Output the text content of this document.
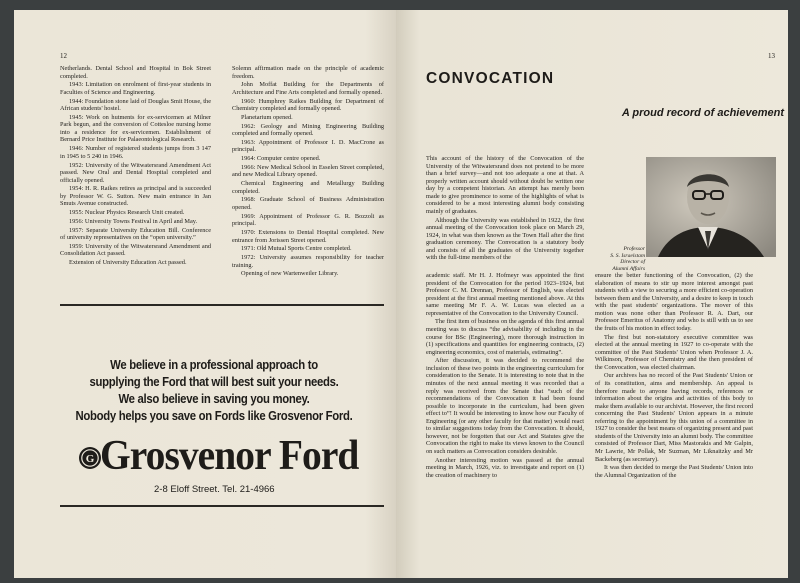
12

Netherlands. Dental School and Hospital in Bok Street completed.

1943: Limitation on enrolment of first-year students in Faculties of Science and Engineering.

1944: Foundation stone laid of Douglas Smit House, the African students' hostel.

1945: Work on hutments for ex-servicemen at Milner Park begun, and the conversion of Cottesloe nursing home into a residence for ex-servicemen. Establishment of Bernard Price Institute for Palaeontological Research.

1946: Number of registered students jumps from 3 147 in 1945 to 5 240 in 1946.

1952: University of the Witwatersrand Amendment Act passed. New Oral and Dental Hospital completed and officially opened.

1954: H. R. Raikes retires as principal and is succeeded by Professor W. G. Sutton. New main entrance in Jan Smuts Avenue constructed.

1955: Nuclear Physics Research Unit created.

1956: University Towns Festival in April and May.

1957: Separate University Education Bill. Conference of university representatives on the “open university.”

1959: University of the Witwatersrand Amendment and Consolidation Act passed.

Extension of University Education Act passed.

Solemn affirmation made on the principle of academic freedom.

John Moffat Building for the Departments of Architecture and Fine Arts completed and formally opened.

1960: Humphrey Raikes Building for Department of Chemistry completed and formally opened.

Planetarium opened.

1962: Geology and Mining Engineering Building completed and formally opened.

1963: Appointment of Professor I. D. MacCrone as principal.

1964: Computer centre opened.

1966: New Medical School in Esselen Street completed, and new Medical Library opened.

Chemical Engineering and Metallurgy Building completed.

1968: Graduate School of Business Administration opened.

1969: Appointment of Professor G. R. Bozzoli as principal.

1970: Extensions to Dental Hospital completed. New entrance from Jorissen Street opened.

1971: Old Mutual Sports Centre completed.

1972: University assumes responsibility for teacher training.

Opening of new Wartenweiler Library.

We believe in a professional approach to
supplying the Ford that will best suit your needs.
We also believe in saving you money.
Nobody helps you save on Fords like Grosvenor Ford.
G Grosvenor Ford
2-8 Eloff Street. Tel. 21-4966
13
CONVOCATION
A proud record of achievement

This account of the history of the Convocation of the University of the Witwatersrand does not pretend to be more than a brief survey—and not too adequate a one at that. A properly written account should without doubt be written one day by a competent historian. An attempt has merely been made to give prominence to some of the highlights of what is considered to be a most interesting alumni body consisting mainly of graduates.

Although the University was established in 1922, the first annual meeting of the Convocation took place on March 29, 1924, in what was then known as the Town Hall after the first graduation ceremony. The Convocation is a statutory body and consists of all the graduates of the University together with the full-time members of the

Professor
S. S. Israelstam
Director of
Alumni Affairs

academic staff. Mr H. J. Hofmeyr was appointed the first president of the Convocation for the period 1923–1924, but Professor C. M. Drennan, Professor of English, was elected president at the first annual meeting mentioned above. At this same meeting Mr F. A. W. Lucas was elected as a representative of the Convocation to the University Council.

The first item of business on the agenda of this first annual meeting was to discuss “the advisability of including in the course for BSc (Engineering), more thorough instruction in (1) specifications and quantities for engineering contracts, (2) engineering economics, cost of materials, estimating”.

After discussion, it was decided to recommend the inclusion of these two points in the engineering curriculum for consideration to the Senate. It is interesting to note that in the minutes of the next annual meeting it was recorded that a reply was received from the Senate that “such of the recommendations of the Convocation it had been found possible to incorporate in the curriculum, had been given effect to”! It would be interesting to know how our Faculty of Engineering (or any other faculty for that matter) would react to similar suggestions today from the Convocation. It should, however, not be forgotten that our Act and Statutes give the Convocation the right to make its views known to the Council on such matters as Convocation considers desirable.

Another interesting motion was passed at the annual meeting in March, 1926, viz. to investigate and report on (1) the creation of machinery to

ensure the better functioning of the Convocation, (2) the elaboration of means to stir up more interest amongst past students with a view to securing a more efficient co-operation between them and the University, and a desire to keep in touch with the past students' organizations. The mover of this motion was none other than Professor R. A. Dart, our Professor Emeritus of Anatomy and who is still with us to see the fruits of his motion in effect today.

The first but non-statutory executive committee was elected at the annual meeting in 1927 to co-operate with the committee of the Past Students' Union when Professor J. A. Wilkinson, Professor of Chemistry and the then president of the Convocation, was elected chairman.

Our archives has no record of the Past Students' Union or of its constitution, aims and membership. An appeal is therefore made to anyone having records, references or information about the origins and activities of this body to make them available to our archivist. However, the first record concerning the Past Students' Union appears in a minute referring to the appointment by this union of a committee in 1927 to consider the best means of organizing present and past students of the University into an alumni body. The committee consisted of Professor Dart, Miss Mastorakis and Mr Galpin, Mr Lawrie, Mr Pollak, Mr Suzman, Mr Liknaitzky and Mr Backeberg (as secretary).

It was then decided to merge the Past Students' Union into the Alumnal Organization of the
